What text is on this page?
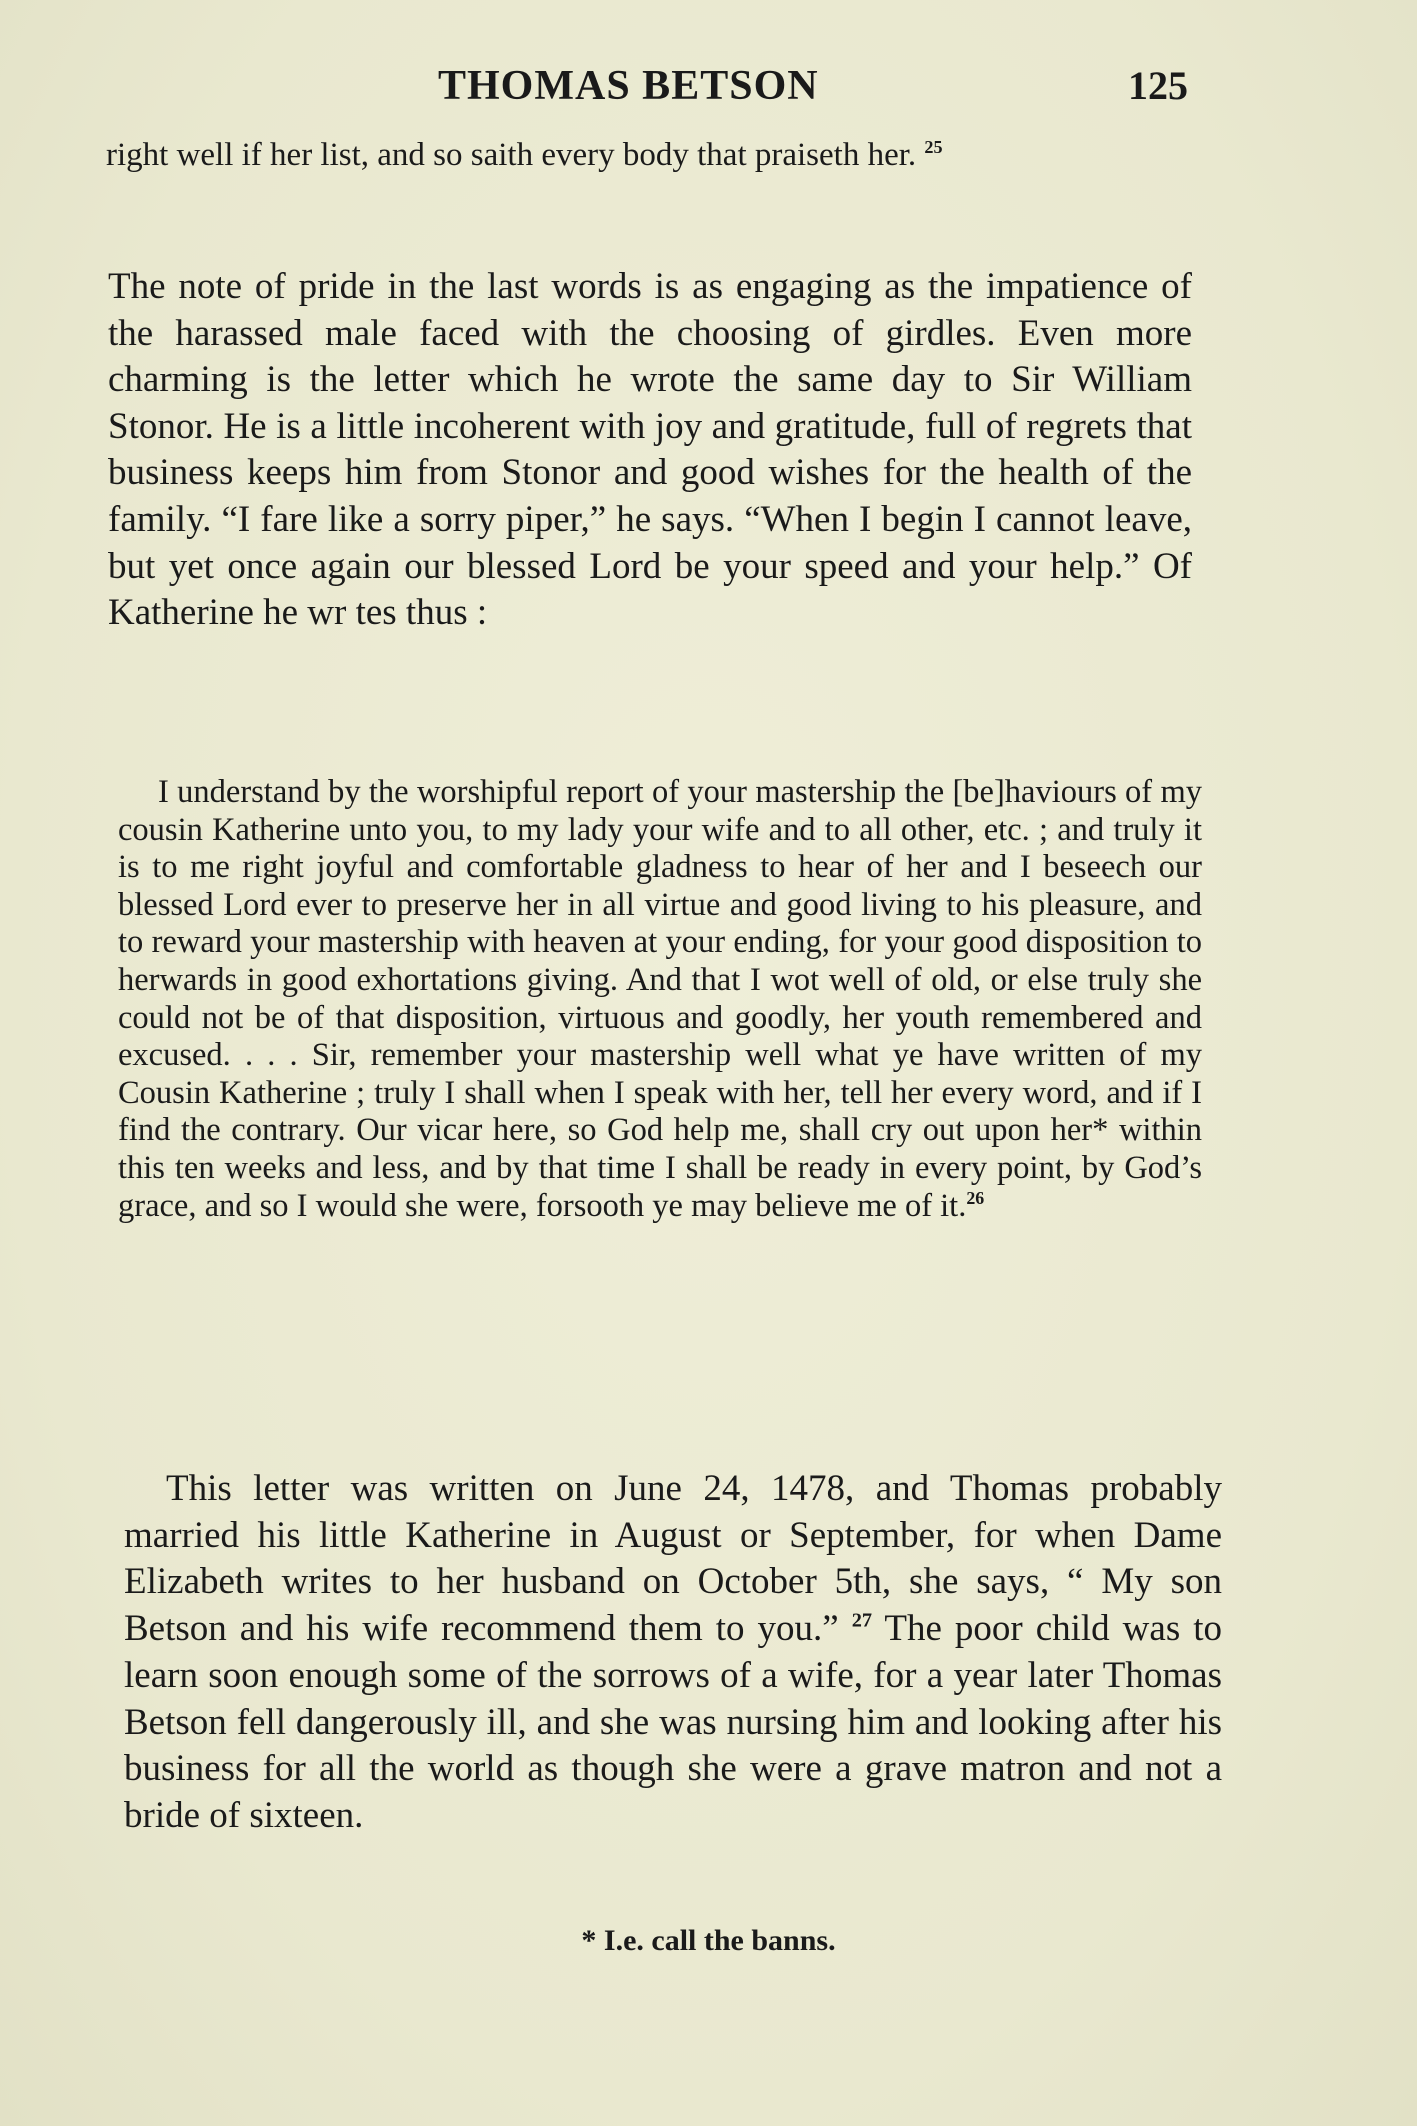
THOMAS BETSON	125
right well if her list, and so saith every body that praiseth her. $^{25}$
The note of pride in the last words is as engaging as the impatience of the harassed male faced with the choosing of girdles. Even more charming is the letter which he wrote the same day to Sir William Stonor. He is a little incoherent with joy and gratitude, full of regrets that business keeps him from Stonor and good wishes for the health of the family. “I fare like a sorry piper,” he says. “When I begin I cannot leave, but yet once again our blessed Lord be your speed and your help.” Of Katherine he wr tes thus :
I understand by the worshipful report of your mastership the [be]haviours of my cousin Katherine unto you, to my lady your wife and to all other, etc. ; and truly it is to me right joyful and comfortable gladness to hear of her and I beseech our blessed Lord ever to preserve her in all virtue and good living to his pleasure, and to reward your mastership with heaven at your ending, for your good disposition to herwards in good exhortations giving. And that I wot well of old, or else truly she could not be of that disposition, virtuous and goodly, her youth remembered and excused. . . . Sir, remember your mastership well what ye have written of my Cousin Katherine ; truly I shall when I speak with her, tell her every word, and if I find the contrary. Our vicar here, so God help me, shall cry out upon her* within this ten weeks and less, and by that time I shall be ready in every point, by God’s grace, and so I would she were, forsooth ye may believe me of it.$^{26}$
This letter was written on June 24, 1478, and Thomas probably married his little Katherine in August or September, for when Dame Elizabeth writes to her husband on October 5th, she says, “ My son Betson and his wife recommend them to you.” $^{27}$ The poor child was to learn soon enough some of the sorrows of a wife, for a year later Thomas Betson fell dangerously ill, and she was nursing him and looking after his business for all the world as though she were a grave matron and not a bride of sixteen.
* I.e. call the banns.
